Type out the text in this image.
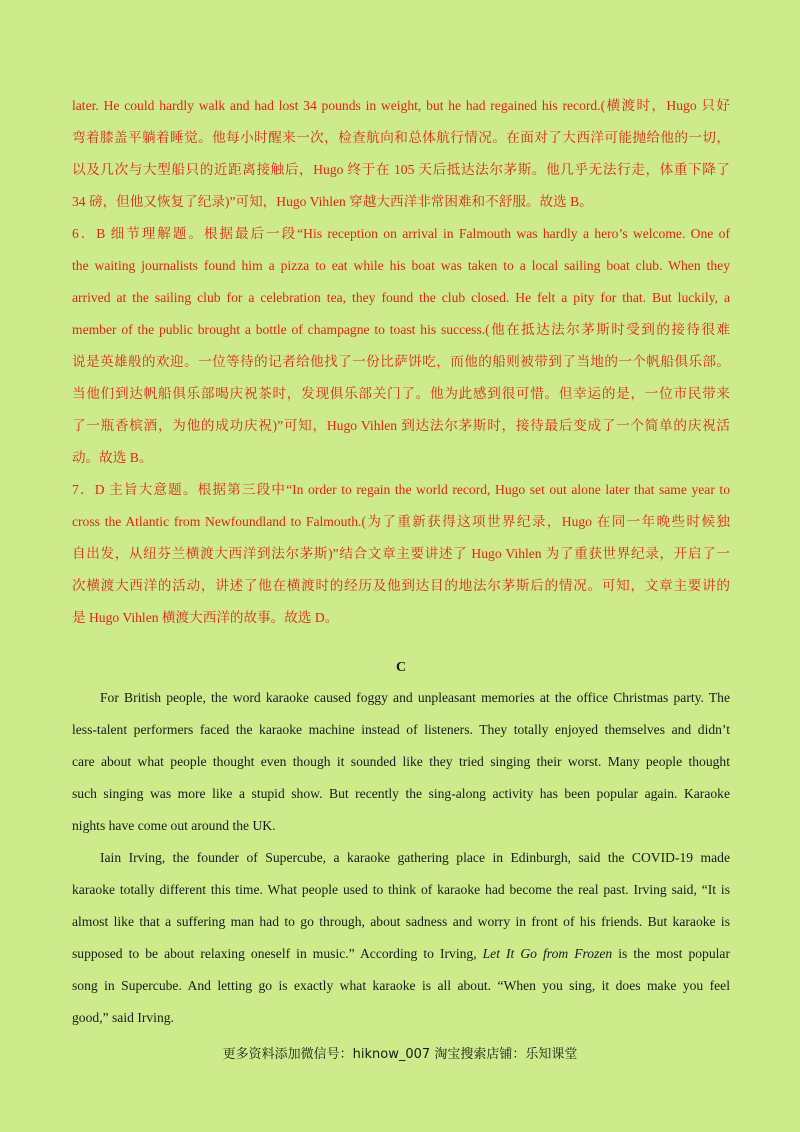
later. He could hardly walk and had lost 34 pounds in weight, but he had regained his record.(横渡时，Hugo 只好
弯着膝盖平躺着睡觉。他每小时醒来一次，检查航向和总体航行情况。在面对了大西洋可能抛给他的一切，
以及几次与大型船只的近距离接触后，Hugo 终于在 105 天后抵达法尔茅斯。他几乎无法行走，体重下降了
34 磅，但他又恢复了纪录)”可知，Hugo Vihlen 穿越大西洋非常困难和不舒服。故选 B。
6．B 细节理解题。根据最后一段“His reception on arrival in Falmouth was hardly a hero’s welcome. One of
the waiting journalists found him a pizza to eat while his boat was taken to a local sailing boat club. When they
arrived at the sailing club for a celebration tea, they found the club closed. He felt a pity for that. But luckily, a
member of the public brought a bottle of champagne to toast his success.(他在抵达法尔茅斯时受到的接待很难
说是英雄般的欢迎。一位等待的记者给他找了一份比萨饼吃，而他的船则被带到了当地的一个帆船俱乐部。
当他们到达帆船俱乐部喝庆祝茶时，发现俱乐部关门了。他为此感到很可惜。但幸运的是，一位市民带来
了一瓶香槟酒，为他的成功庆祝)”可知，Hugo Vihlen 到达法尔茅斯时，接待最后变成了一个简单的庆祝活
动。故选 B。
7．D 主旨大意题。根据第三段中“In order to regain the world record, Hugo set out alone later that same year to
cross the Atlantic from Newfoundland to Falmouth.(为了重新获得这项世界纪录，Hugo 在同一年晚些时候独
自出发，从纽芬兰横渡大西洋到法尔茅斯)”结合文章主要讲述了 Hugo Vihlen 为了重获世界纪录，开启了一
次横渡大西洋的活动，讲述了他在横渡时的经历及他到达目的地法尔茅斯后的情况。可知，文章主要讲的
是 Hugo Vihlen 横渡大西洋的故事。故选 D。
C
For British people, the word karaoke caused foggy and unpleasant memories at the office Christmas party. The
less-talent performers faced the karaoke machine instead of listeners. They totally enjoyed themselves and didn’t
care about what people thought even though it sounded like they tried singing their worst. Many people thought
such singing was more like a stupid show. But recently the sing-along activity has been popular again. Karaoke
nights have come out around the UK.
Iain Irving, the founder of Supercube, a karaoke gathering place in Edinburgh, said the COVID-19 made
karaoke totally different this time. What people used to think of karaoke had become the real past. Irving said, “It is
almost like that a suffering man had to go through, about sadness and worry in front of his friends. But karaoke is
supposed to be about relaxing oneself in music.” According to Irving, Let It Go from Frozen is the most popular
song in Supercube. And letting go is exactly what karaoke is all about. “When you sing, it does make you feel
good,” said Irving.
更多资料添加微信号：hiknow_007 淘宝搜索店铺：乐知课堂
